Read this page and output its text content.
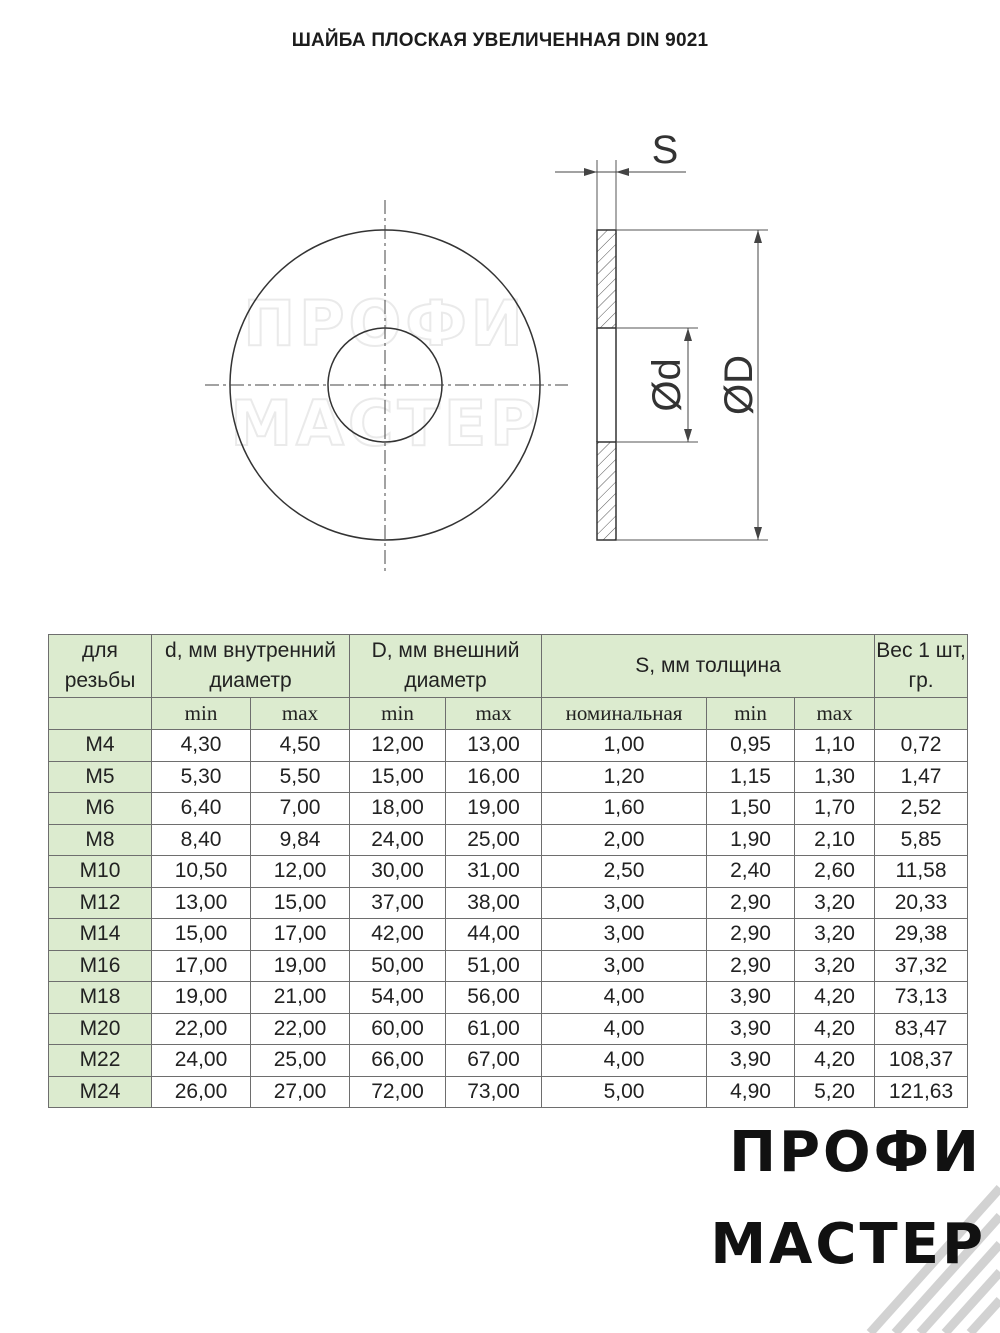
ШАЙБА ПЛОСКАЯ УВЕЛИЧЕННАЯ DIN 9021
ПРОФИ
МАСТЕР
S
Ød ØD
для резьбы	d, мм внутренний диаметр		D, мм внешний диаметр		S, мм толщина			Вес 1 шт, гр.
	min	max	min	max	номинальная	min	max	
M4	4,30	4,50	12,00	13,00	1,00	0,95	1,10	0,72
M5	5,30	5,50	15,00	16,00	1,20	1,15	1,30	1,47
M6	6,40	7,00	18,00	19,00	1,60	1,50	1,70	2,52
M8	8,40	9,84	24,00	25,00	2,00	1,90	2,10	5,85
M10	10,50	12,00	30,00	31,00	2,50	2,40	2,60	11,58
M12	13,00	15,00	37,00	38,00	3,00	2,90	3,20	20,33
M14	15,00	17,00	42,00	44,00	3,00	2,90	3,20	29,38
M16	17,00	19,00	50,00	51,00	3,00	2,90	3,20	37,32
M18	19,00	21,00	54,00	56,00	4,00	3,90	4,20	73,13
M20	22,00	22,00	60,00	61,00	4,00	3,90	4,20	83,47
M22	24,00	25,00	66,00	67,00	4,00	3,90	4,20	108,37
M24	26,00	27,00	72,00	73,00	5,00	4,90	5,20	121,63
ПРОФИ
МАСТЕР
